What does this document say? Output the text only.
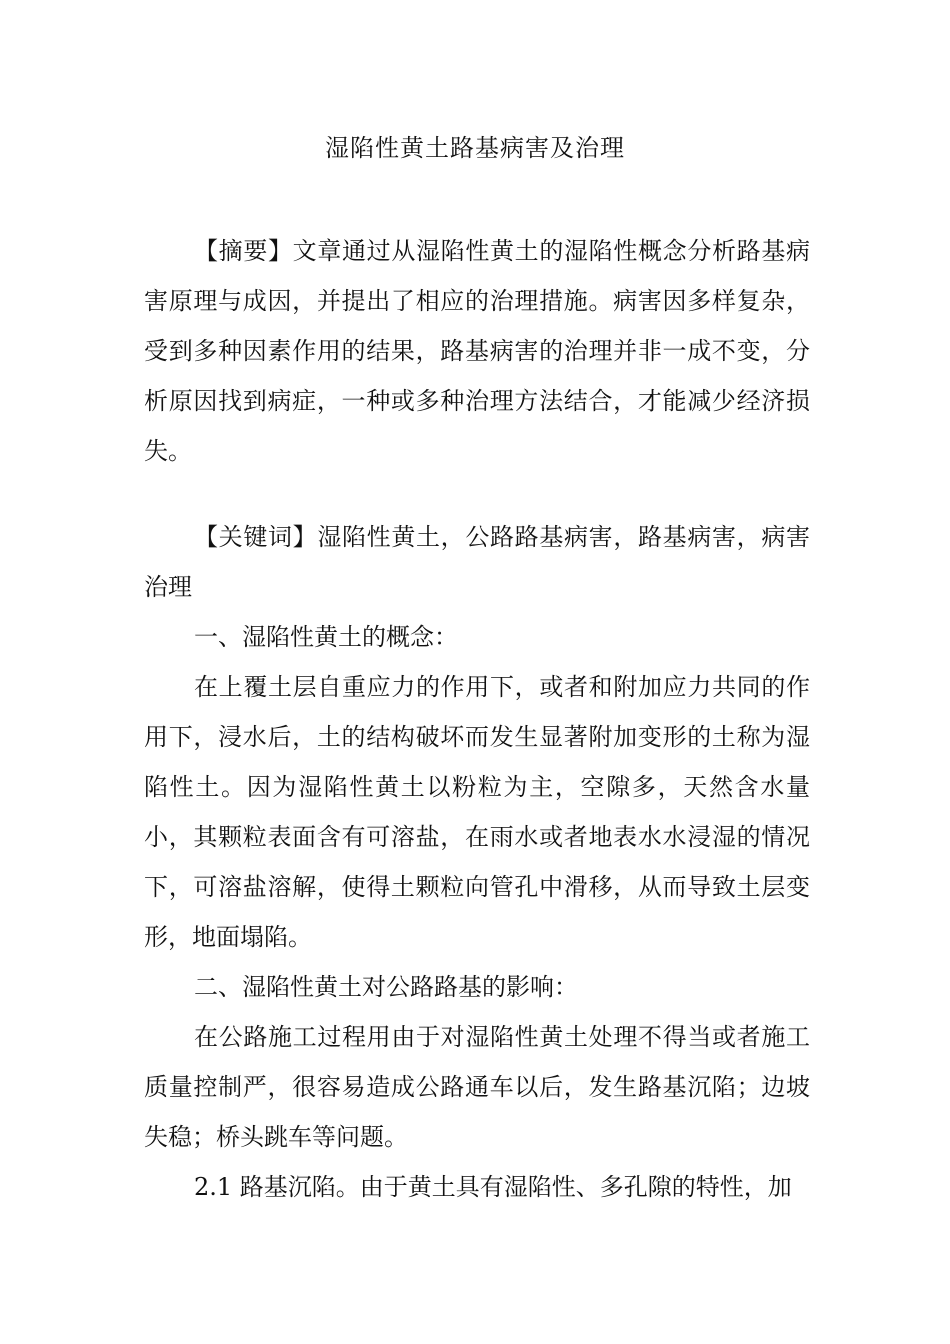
湿陷性黄土路基病害及治理

【摘要】文章通过从湿陷性黄土的湿陷性概念分析路基病害原理与成因，并提出了相应的治理措施。病害因多样复杂，受到多种因素作用的结果，路基病害的治理并非一成不变，分析原因找到病症，一种或多种治理方法结合，才能减少经济损失。

【关键词】湿陷性黄土，公路路基病害，路基病害，病害治理

一、湿陷性黄土的概念：

在上覆土层自重应力的作用下，或者和附加应力共同的作用下，浸水后，土的结构破坏而发生显著附加变形的土称为湿陷性土。因为湿陷性黄土以粉粒为主，空隙多，天然含水量小，其颗粒表面含有可溶盐，在雨水或者地表水水浸湿的情况下，可溶盐溶解，使得土颗粒向管孔中滑移，从而导致土层变形，地面塌陷。

二、湿陷性黄土对公路路基的影响：

在公路施工过程用由于对湿陷性黄土处理不得当或者施工质量控制严，很容易造成公路通车以后，发生路基沉陷；边坡失稳；桥头跳车等问题。

2.1 路基沉陷。由于黄土具有湿陷性、多孔隙的特性，加
